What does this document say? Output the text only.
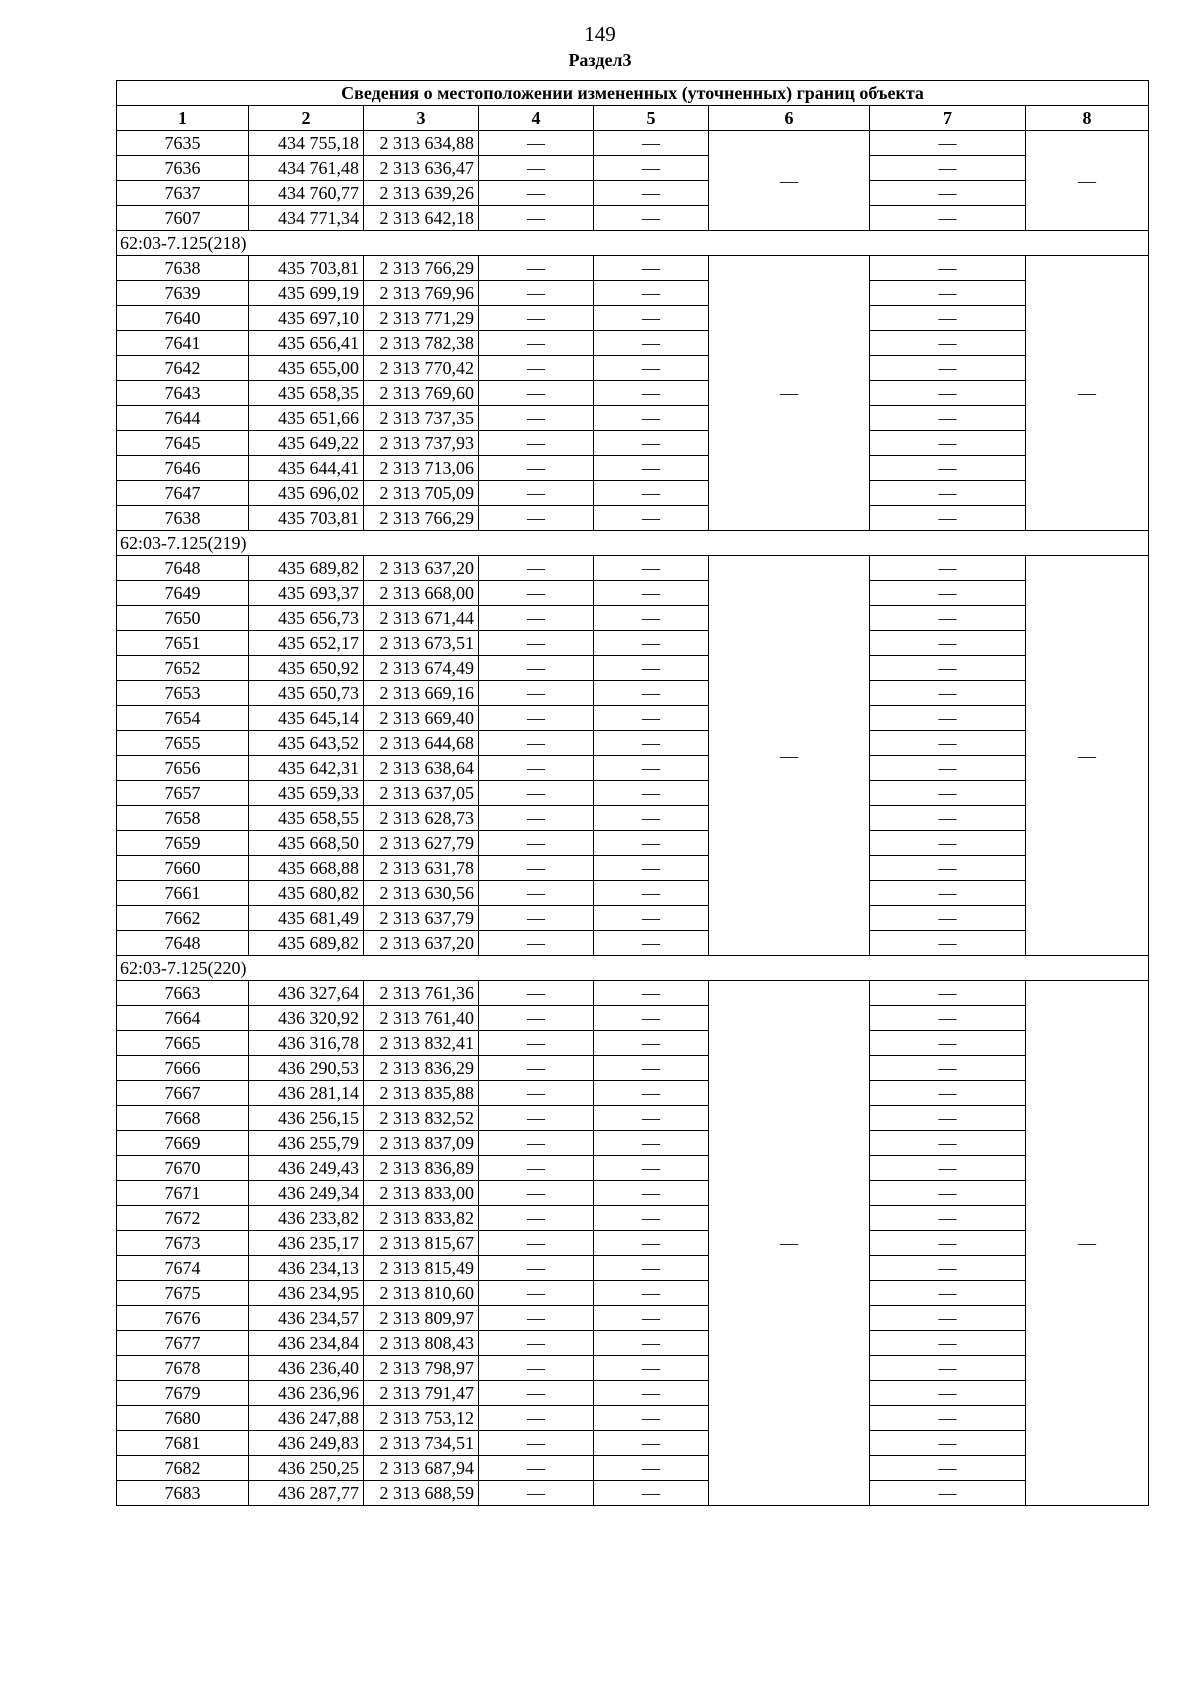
149
Раздел3
Сведения о местоположении измененных (уточненных) границ объекта							
1	2	3	4	5	6	7	8
7635	434 755,18	2 313 634,88	—	—	—	—	—
7636	434 761,48	2 313 636,47	—	—		—	
7637	434 760,77	2 313 639,26	—	—		—	
7607	434 771,34	2 313 642,18	—	—		—	
62:03-7.125(218)							
7638	435 703,81	2 313 766,29	—	—	—	—	—
7639	435 699,19	2 313 769,96	—	—		—	
7640	435 697,10	2 313 771,29	—	—		—	
7641	435 656,41	2 313 782,38	—	—		—	
7642	435 655,00	2 313 770,42	—	—		—	
7643	435 658,35	2 313 769,60	—	—		—	
7644	435 651,66	2 313 737,35	—	—		—	
7645	435 649,22	2 313 737,93	—	—		—	
7646	435 644,41	2 313 713,06	—	—		—	
7647	435 696,02	2 313 705,09	—	—		—	
7638	435 703,81	2 313 766,29	—	—		—	
62:03-7.125(219)							
7648	435 689,82	2 313 637,20	—	—	—	—	—
7649	435 693,37	2 313 668,00	—	—		—	
7650	435 656,73	2 313 671,44	—	—		—	
7651	435 652,17	2 313 673,51	—	—		—	
7652	435 650,92	2 313 674,49	—	—		—	
7653	435 650,73	2 313 669,16	—	—		—	
7654	435 645,14	2 313 669,40	—	—		—	
7655	435 643,52	2 313 644,68	—	—		—	
7656	435 642,31	2 313 638,64	—	—		—	
7657	435 659,33	2 313 637,05	—	—		—	
7658	435 658,55	2 313 628,73	—	—		—	
7659	435 668,50	2 313 627,79	—	—		—	
7660	435 668,88	2 313 631,78	—	—		—	
7661	435 680,82	2 313 630,56	—	—		—	
7662	435 681,49	2 313 637,79	—	—		—	
7648	435 689,82	2 313 637,20	—	—		—	
62:03-7.125(220)							
7663	436 327,64	2 313 761,36	—	—	—	—	—
7664	436 320,92	2 313 761,40	—	—		—	
7665	436 316,78	2 313 832,41	—	—		—	
7666	436 290,53	2 313 836,29	—	—		—	
7667	436 281,14	2 313 835,88	—	—		—	
7668	436 256,15	2 313 832,52	—	—		—	
7669	436 255,79	2 313 837,09	—	—		—	
7670	436 249,43	2 313 836,89	—	—		—	
7671	436 249,34	2 313 833,00	—	—		—	
7672	436 233,82	2 313 833,82	—	—		—	
7673	436 235,17	2 313 815,67	—	—		—	
7674	436 234,13	2 313 815,49	—	—		—	
7675	436 234,95	2 313 810,60	—	—		—	
7676	436 234,57	2 313 809,97	—	—		—	
7677	436 234,84	2 313 808,43	—	—		—	
7678	436 236,40	2 313 798,97	—	—		—	
7679	436 236,96	2 313 791,47	—	—		—	
7680	436 247,88	2 313 753,12	—	—		—	
7681	436 249,83	2 313 734,51	—	—		—	
7682	436 250,25	2 313 687,94	—	—		—	
7683	436 287,77	2 313 688,59	—	—		—	
